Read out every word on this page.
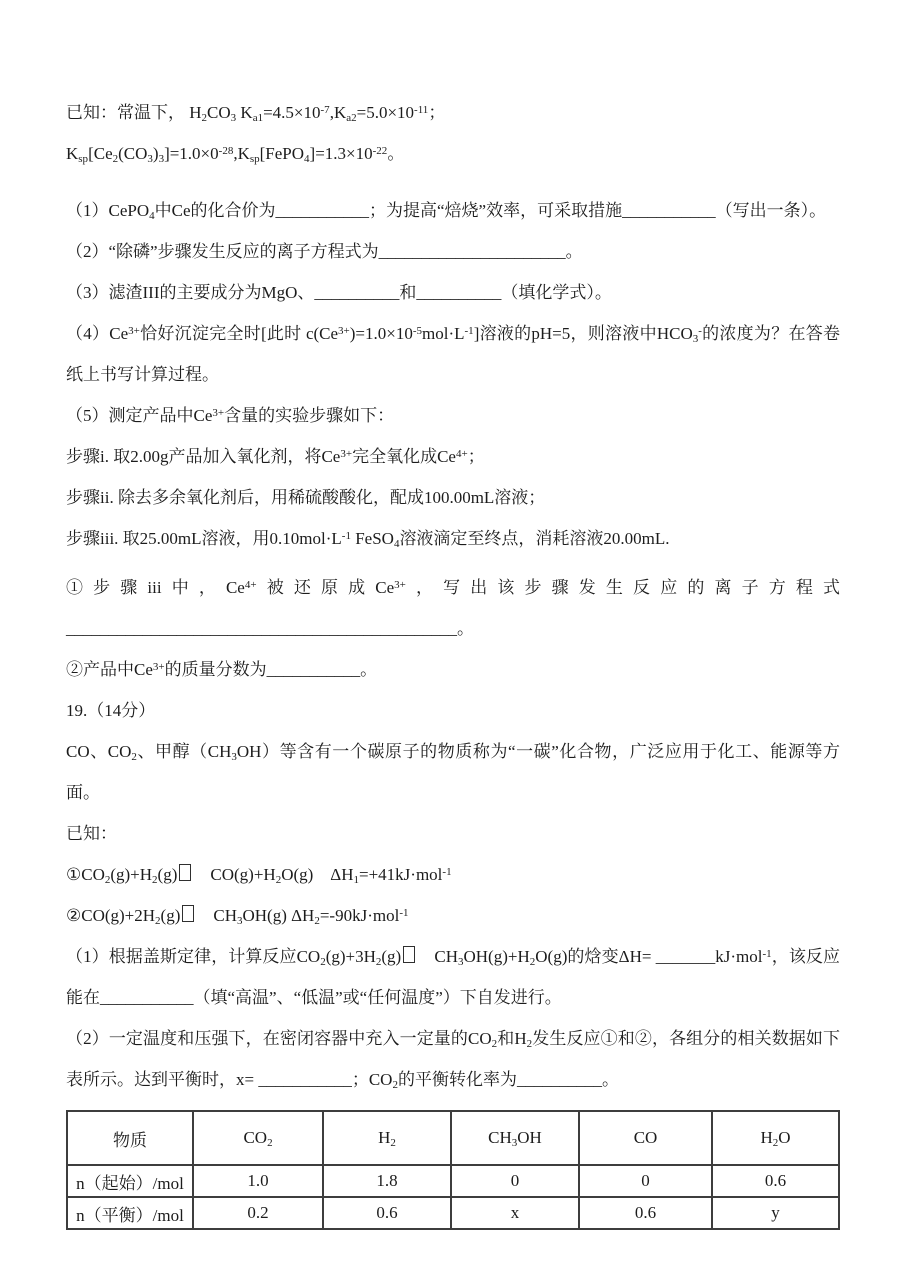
已知：常温下， $H_2CO_3$ $K_{a1}=4.5\times 10^{-7},K_{a2}=5.0\times 10^{-11}$；

$K_{sp}[Ce_2(CO_3)_3]=1.0\times 0^{-28},K_{sp}[FePO_4]=1.3\times 10^{-22}$。

（1）CePO$_4$中Ce的化合价为___________；为提高“焙烧”效率，可采取措施___________（写出一条）。

（2）“除磷”步骤发生反应的离子方程式为______________________。

（3）滤渣III的主要成分为MgO、__________和__________（填化学式）。

$(4)Ce^{3+}$恰好沉淀完全时[此时 $c(Ce^{3+})=1.0\times 10^{-5}mol\cdot L^{-1}$]溶液的pH=5，则溶液中$HCO_3^-$的浓度为？在答卷纸上书写计算过程。

（5）测定产品中$Ce^{3+}$含量的实验步骤如下：

步骤i. 取2.00g产品加入氧化剂，将$Ce^{3+}$完全氧化成$Ce^{4+}$；

步骤ii. 除去多余氧化剂后，用稀硫酸酸化，配成100.00mL溶液；

步骤iii. 取25.00mL溶液，用$0.10mol\cdot L^{-1}$ FeSO$_4$溶液滴定至终点，消耗溶液20.00mL.

①步骤iii中，$Ce^{4+}$被还原成$Ce^{3+}$，写出该步骤发生反应的离子方程式______________________________________________。

②产品中$Ce^{3+}$的质量分数为___________。

19.（14分）

CO、$CO_2$、甲醇$(CH_3OH)$等含有一个碳原子的物质称为“一碳”化合物，广泛应用于化工、能源等方面。

已知：

$①CO_2(g)+H_2(g)$　$CO(g)+H_2O(g)$　$\Delta H_1=+41kJ\cdot mol^{-1}$

$②CO(g)+2H_2(g)$　$CH_3OH(g)$ $\Delta H_2=-90kJ\cdot mol^{-1}$

（1）根据盖斯定律，计算反应$CO_2(g)+3H_2(g)$　$CH_3OH(g)+H_2O(g)$的焓变ΔH= _______kJ·mol$^{-1}$，该反应能在___________（填“高温”、“低温”或“任何温度”）下自发进行。

（2）一定温度和压强下，在密闭容器中充入一定量的$CO_2$和$H_2$发生反应①和②，各组分的相关数据如下表所示。达到平衡时，x= ___________；$CO_2$的平衡转化率为__________。

物质	$CO_2$	$H_2$	$CH_3OH$	CO	$H_2O$
n（起始）/mol	1.0	1.8	0	0	0.6
n（平衡）/mol	0.2	0.6	x	0.6	y
